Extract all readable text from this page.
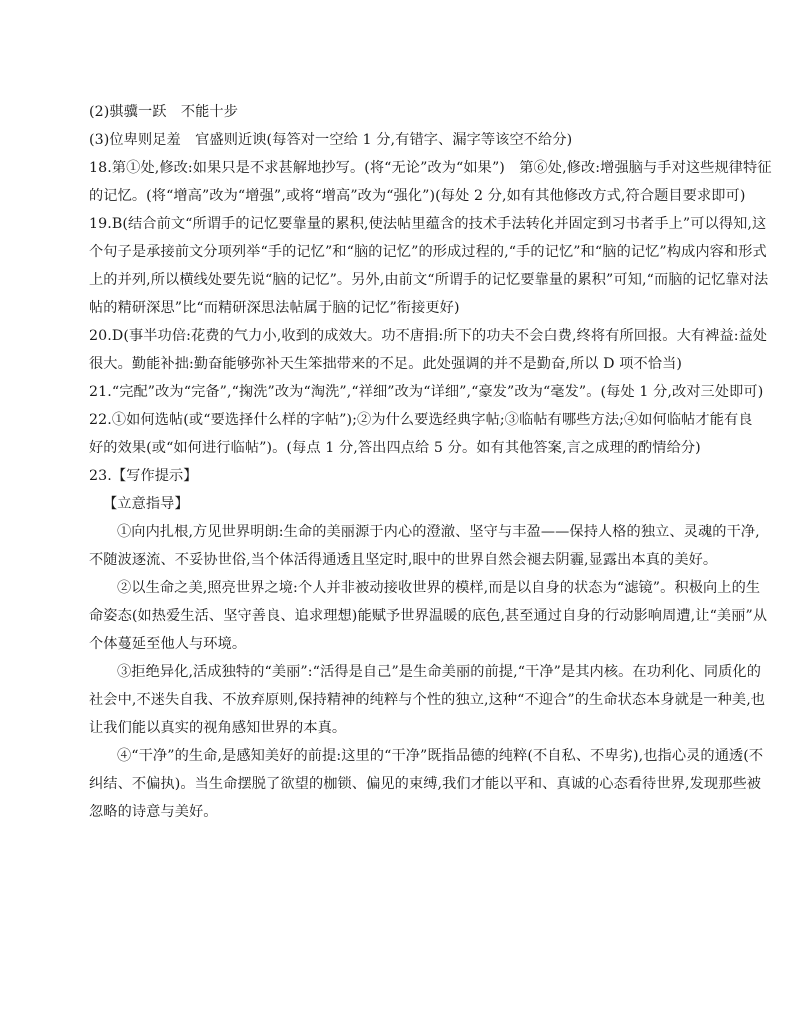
(2)骐骥一跃　不能十步
(3)位卑则足羞　官盛则近谀(每答对一空给 1 分,有错字、漏字等该空不给分)
18.第①处,修改:如果只是不求甚解地抄写。(将“无论”改为“如果”)　第⑥处,修改:增强脑与手对这些规律特征
的记忆。(将“增高”改为“增强”,或将“增高”改为“强化”)(每处 2 分,如有其他修改方式,符合题目要求即可)
19.B(结合前文“所谓手的记忆要靠量的累积,使法帖里蕴含的技术手法转化并固定到习书者手上”可以得知,这
个句子是承接前文分项列举“手的记忆”和“脑的记忆”的形成过程的,“手的记忆”和“脑的记忆”构成内容和形式
上的并列,所以横线处要先说“脑的记忆”。另外,由前文“所谓手的记忆要靠量的累积”可知,“而脑的记忆靠对法
帖的精研深思”比“而精研深思法帖属于脑的记忆”衔接更好)
20.D(事半功倍:花费的气力小,收到的成效大。功不唐捐:所下的功夫不会白费,终将有所回报。大有裨益:益处
很大。勤能补拙:勤奋能够弥补天生笨拙带来的不足。此处强调的并不是勤奋,所以 D 项不恰当)
21.“完配”改为“完备”,“掬洗”改为“淘洗”,“祥细”改为“详细”,“豪发”改为“毫发”。(每处 1 分,改对三处即可)
22.①如何选帖(或“要选择什么样的字帖”);②为什么要选经典字帖;③临帖有哪些方法;④如何临帖才能有良
好的效果(或“如何进行临帖”)。(每点 1 分,答出四点给 5 分。如有其他答案,言之成理的酌情给分)
23.【写作提示】
【立意指导】
①向内扎根,方见世界明朗:生命的美丽源于内心的澄澈、坚守与丰盈——保持人格的独立、灵魂的干净,
不随波逐流、不妥协世俗,当个体活得通透且坚定时,眼中的世界自然会褪去阴霾,显露出本真的美好。
②以生命之美,照亮世界之境:个人并非被动接收世界的模样,而是以自身的状态为“滤镜”。积极向上的生
命姿态(如热爱生活、坚守善良、追求理想)能赋予世界温暖的底色,甚至通过自身的行动影响周遭,让“美丽”从
个体蔓延至他人与环境。
③拒绝异化,活成独特的“美丽”:“活得是自己”是生命美丽的前提,“干净”是其内核。在功利化、同质化的
社会中,不迷失自我、不放弃原则,保持精神的纯粹与个性的独立,这种“不迎合”的生命状态本身就是一种美,也
让我们能以真实的视角感知世界的本真。
④“干净”的生命,是感知美好的前提:这里的“干净”既指品德的纯粹(不自私、不卑劣),也指心灵的通透(不
纠结、不偏执)。当生命摆脱了欲望的枷锁、偏见的束缚,我们才能以平和、真诚的心态看待世界,发现那些被
忽略的诗意与美好。
